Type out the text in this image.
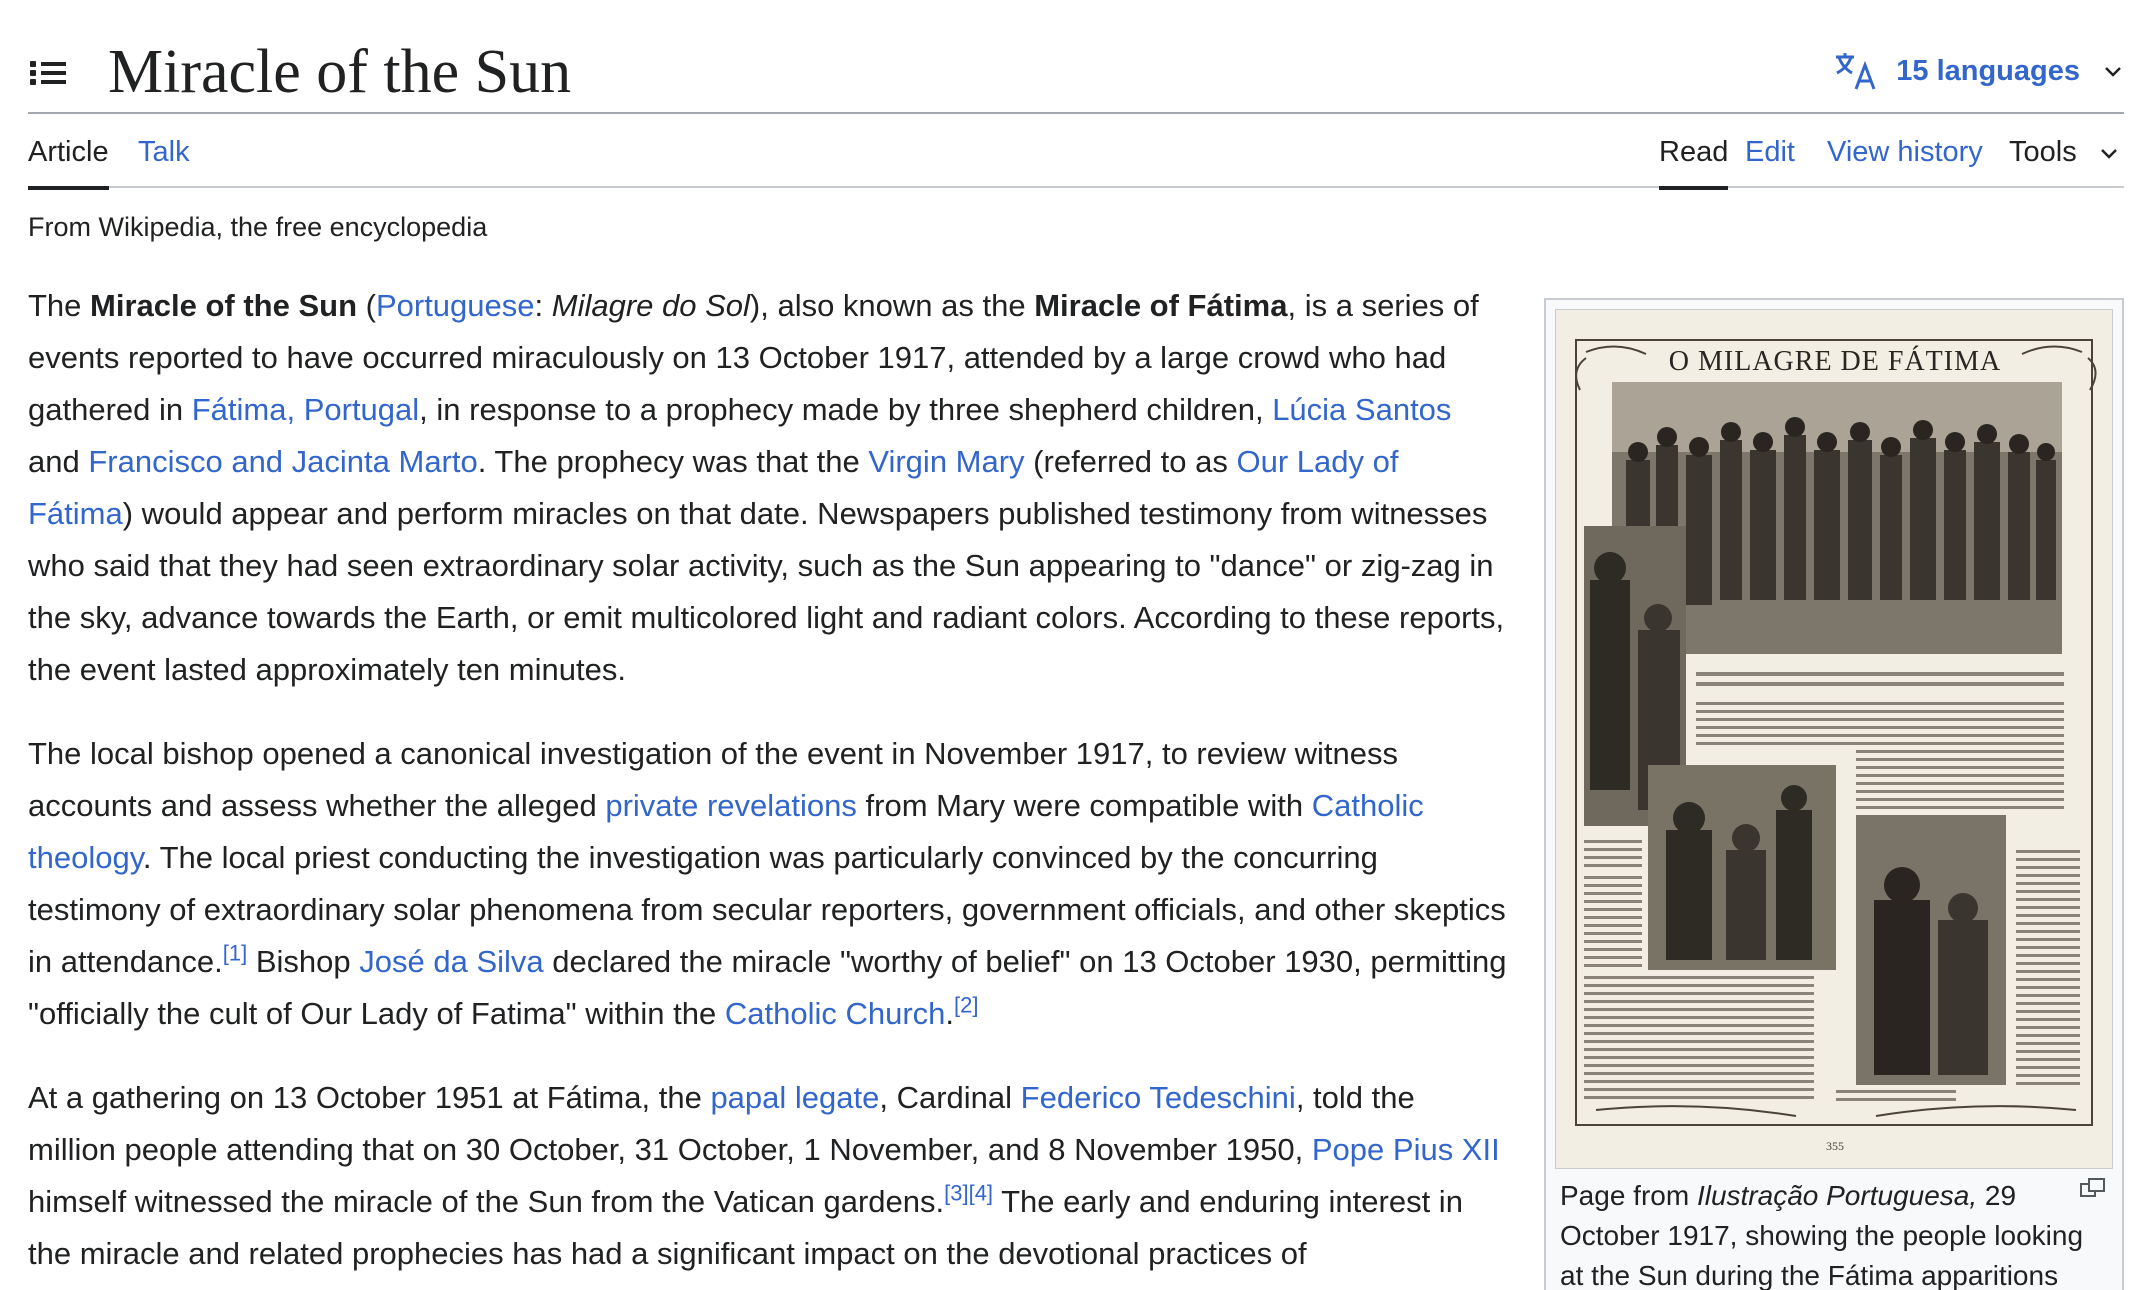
Miracle of the Sun	15 languages
Article Talk	Read Edit View history Tools
From Wikipedia, the free encyclopedia

The Miracle of the Sun (Portuguese: Milagre do Sol), also known as the Miracle of Fátima, is a series of events reported to have occurred miraculously on 13 October 1917, attended by a large crowd who had gathered in Fátima, Portugal, in response to a prophecy made by three shepherd children, Lúcia Santos and Francisco and Jacinta Marto. The prophecy was that the Virgin Mary (referred to as Our Lady of Fátima) would appear and perform miracles on that date. Newspapers published testimony from witnesses who said that they had seen extraordinary solar activity, such as the Sun appearing to "dance" or zig-zag in the sky, advance towards the Earth, or emit multicolored light and radiant colors. According to these reports, the event lasted approximately ten minutes.

The local bishop opened a canonical investigation of the event in November 1917, to review witness accounts and assess whether the alleged private revelations from Mary were compatible with Catholic theology. The local priest conducting the investigation was particularly convinced by the concurring testimony of extraordinary solar phenomena from secular reporters, government officials, and other skeptics in attendance.[1] Bishop José da Silva declared the miracle "worthy of belief" on 13 October 1930, permitting "officially the cult of Our Lady of Fatima" within the Catholic Church.[2]

At a gathering on 13 October 1951 at Fátima, the papal legate, Cardinal Federico Tedeschini, told the million people attending that on 30 October, 31 October, 1 November, and 8 November 1950, Pope Pius XII himself witnessed the miracle of the Sun from the Vatican gardens.[3][4] The early and enduring interest in the miracle and related prophecies has had a significant impact on the devotional practices of

O MILAGRE DE FÁTIMA
355
Page from Ilustração Portuguesa, 29 October 1917, showing the people looking at the Sun during the Fátima apparitions
